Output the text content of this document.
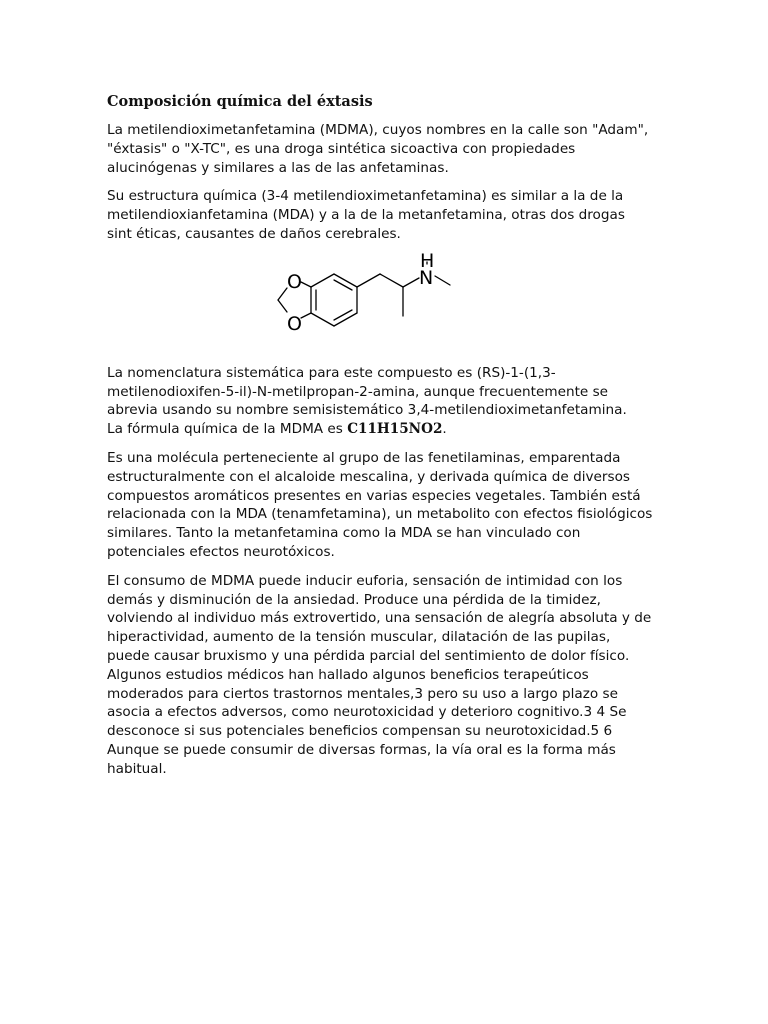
Composición química del éxtasis

La metilendioximetanfetamina (MDMA), cuyos nombres en la calle son "Adam",
"éxtasis" o "X-TC", es una droga sintética sicoactiva con propiedades
alucinógenas y similares a las de las anfetaminas.

Su estructura química (3-4 metilendioximetanfetamina) es similar a la de la
metilendioxianfetamina (MDA) y a la de la metanfetamina, otras dos drogas
sint éticas, causantes de daños cerebrales.

La nomenclatura sistemática para este compuesto es (RS)-1-(1,3-
metilenodioxifen-5-il)-N-metilpropan-2-amina, aunque frecuentemente se
abrevia usando su nombre semisistemático 3,4-metilendioximetanfetamina.
La fórmula química de la MDMA es C11H15NO2.

Es una molécula perteneciente al grupo de las fenetilaminas, emparentada
estructuralmente con el alcaloide mescalina, y derivada química de diversos
compuestos aromáticos presentes en varias especies vegetales. También está
relacionada con la MDA (tenamfetamina), un metabolito con efectos fisiológicos
similares. Tanto la metanfetamina como la MDA se han vinculado con
potenciales efectos neurotóxicos.

El consumo de MDMA puede inducir euforia, sensación de intimidad con los
demás y disminución de la ansiedad. Produce una pérdida de la timidez,
volviendo al individuo más extrovertido, una sensación de alegría absoluta y de
hiperactividad, aumento de la tensión muscular, dilatación de las pupilas,
puede causar bruxismo y una pérdida parcial del sentimiento de dolor físico.
Algunos estudios médicos han hallado algunos beneficios terapeúticos
moderados para ciertos trastornos mentales,3 pero su uso a largo plazo se
asocia a efectos adversos, como neurotoxicidad y deterioro cognitivo.3 4 Se
desconoce si sus potenciales beneficios compensan su neurotoxicidad.5 6
Aunque se puede consumir de diversas formas, la vía oral es la forma más
habitual.

H
N
O
O
